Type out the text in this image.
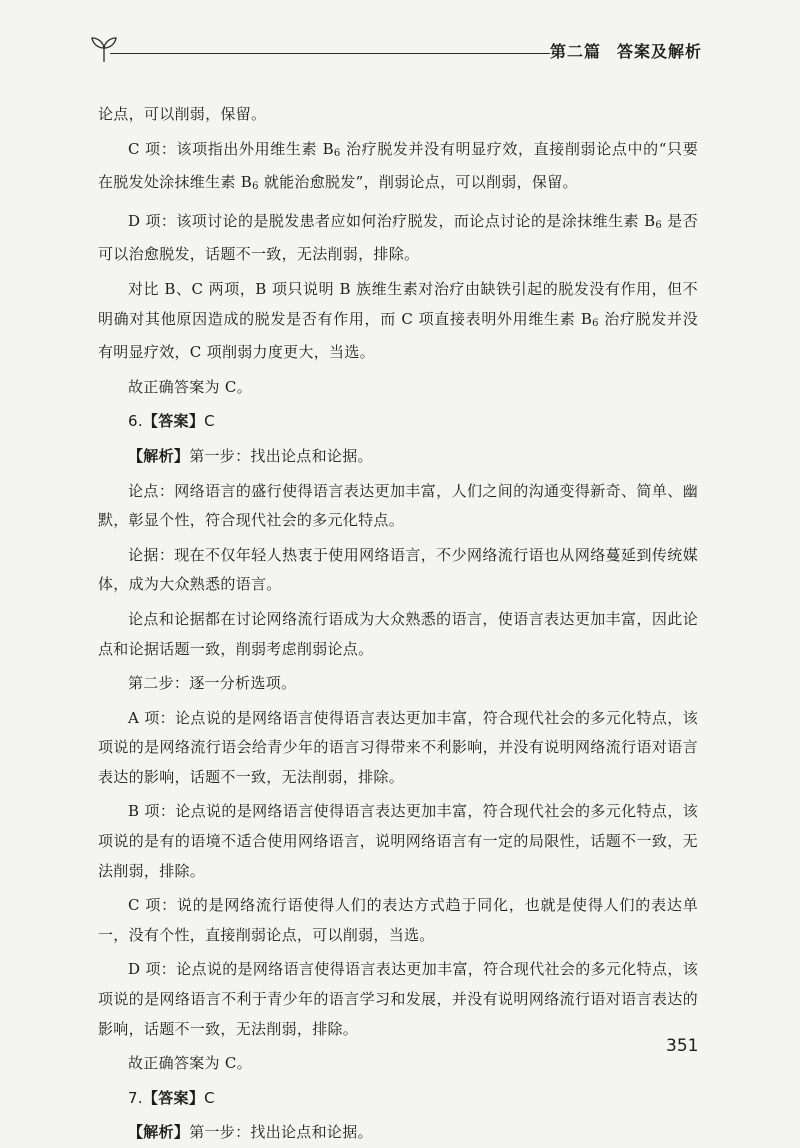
第二篇 答案及解析

论点，可以削弱，保留。

C 项：该项指出外用维生素 $B_6$ 治疗脱发并没有明显疗效，直接削弱论点中的“只要在脱发处涂抹维生素 $B_6$ 就能治愈脱发”，削弱论点，可以削弱，保留。

D 项：该项讨论的是脱发患者应如何治疗脱发，而论点讨论的是涂抹维生素 $B_6$ 是否可以治愈脱发，话题不一致，无法削弱，排除。

对比 B、C 两项，B 项只说明 B 族维生素对治疗由缺铁引起的脱发没有作用，但不明确对其他原因造成的脱发是否有作用，而 C 项直接表明外用维生素 $B_6$ 治疗脱发并没有明显疗效，C 项削弱力度更大，当选。

故正确答案为 C。

6.【答案】C

【解析】第一步：找出论点和论据。

论点：网络语言的盛行使得语言表达更加丰富，人们之间的沟通变得新奇、简单、幽默，彰显个性，符合现代社会的多元化特点。

论据：现在不仅年轻人热衷于使用网络语言，不少网络流行语也从网络蔓延到传统媒体，成为大众熟悉的语言。

论点和论据都在讨论网络流行语成为大众熟悉的语言，使语言表达更加丰富，因此论点和论据话题一致，削弱考虑削弱论点。

第二步：逐一分析选项。

A 项：论点说的是网络语言使得语言表达更加丰富，符合现代社会的多元化特点，该项说的是网络流行语会给青少年的语言习得带来不利影响，并没有说明网络流行语对语言表达的影响，话题不一致，无法削弱，排除。

B 项：论点说的是网络语言使得语言表达更加丰富，符合现代社会的多元化特点，该项说的是有的语境不适合使用网络语言，说明网络语言有一定的局限性，话题不一致，无法削弱，排除。

C 项：说的是网络流行语使得人们的表达方式趋于同化，也就是使得人们的表达单一，没有个性，直接削弱论点，可以削弱，当选。

D 项：论点说的是网络语言使得语言表达更加丰富，符合现代社会的多元化特点，该项说的是网络语言不利于青少年的语言学习和发展，并没有说明网络流行语对语言表达的影响，话题不一致，无法削弱，排除。

故正确答案为 C。

7.【答案】C

【解析】第一步：找出论点和论据。

351
